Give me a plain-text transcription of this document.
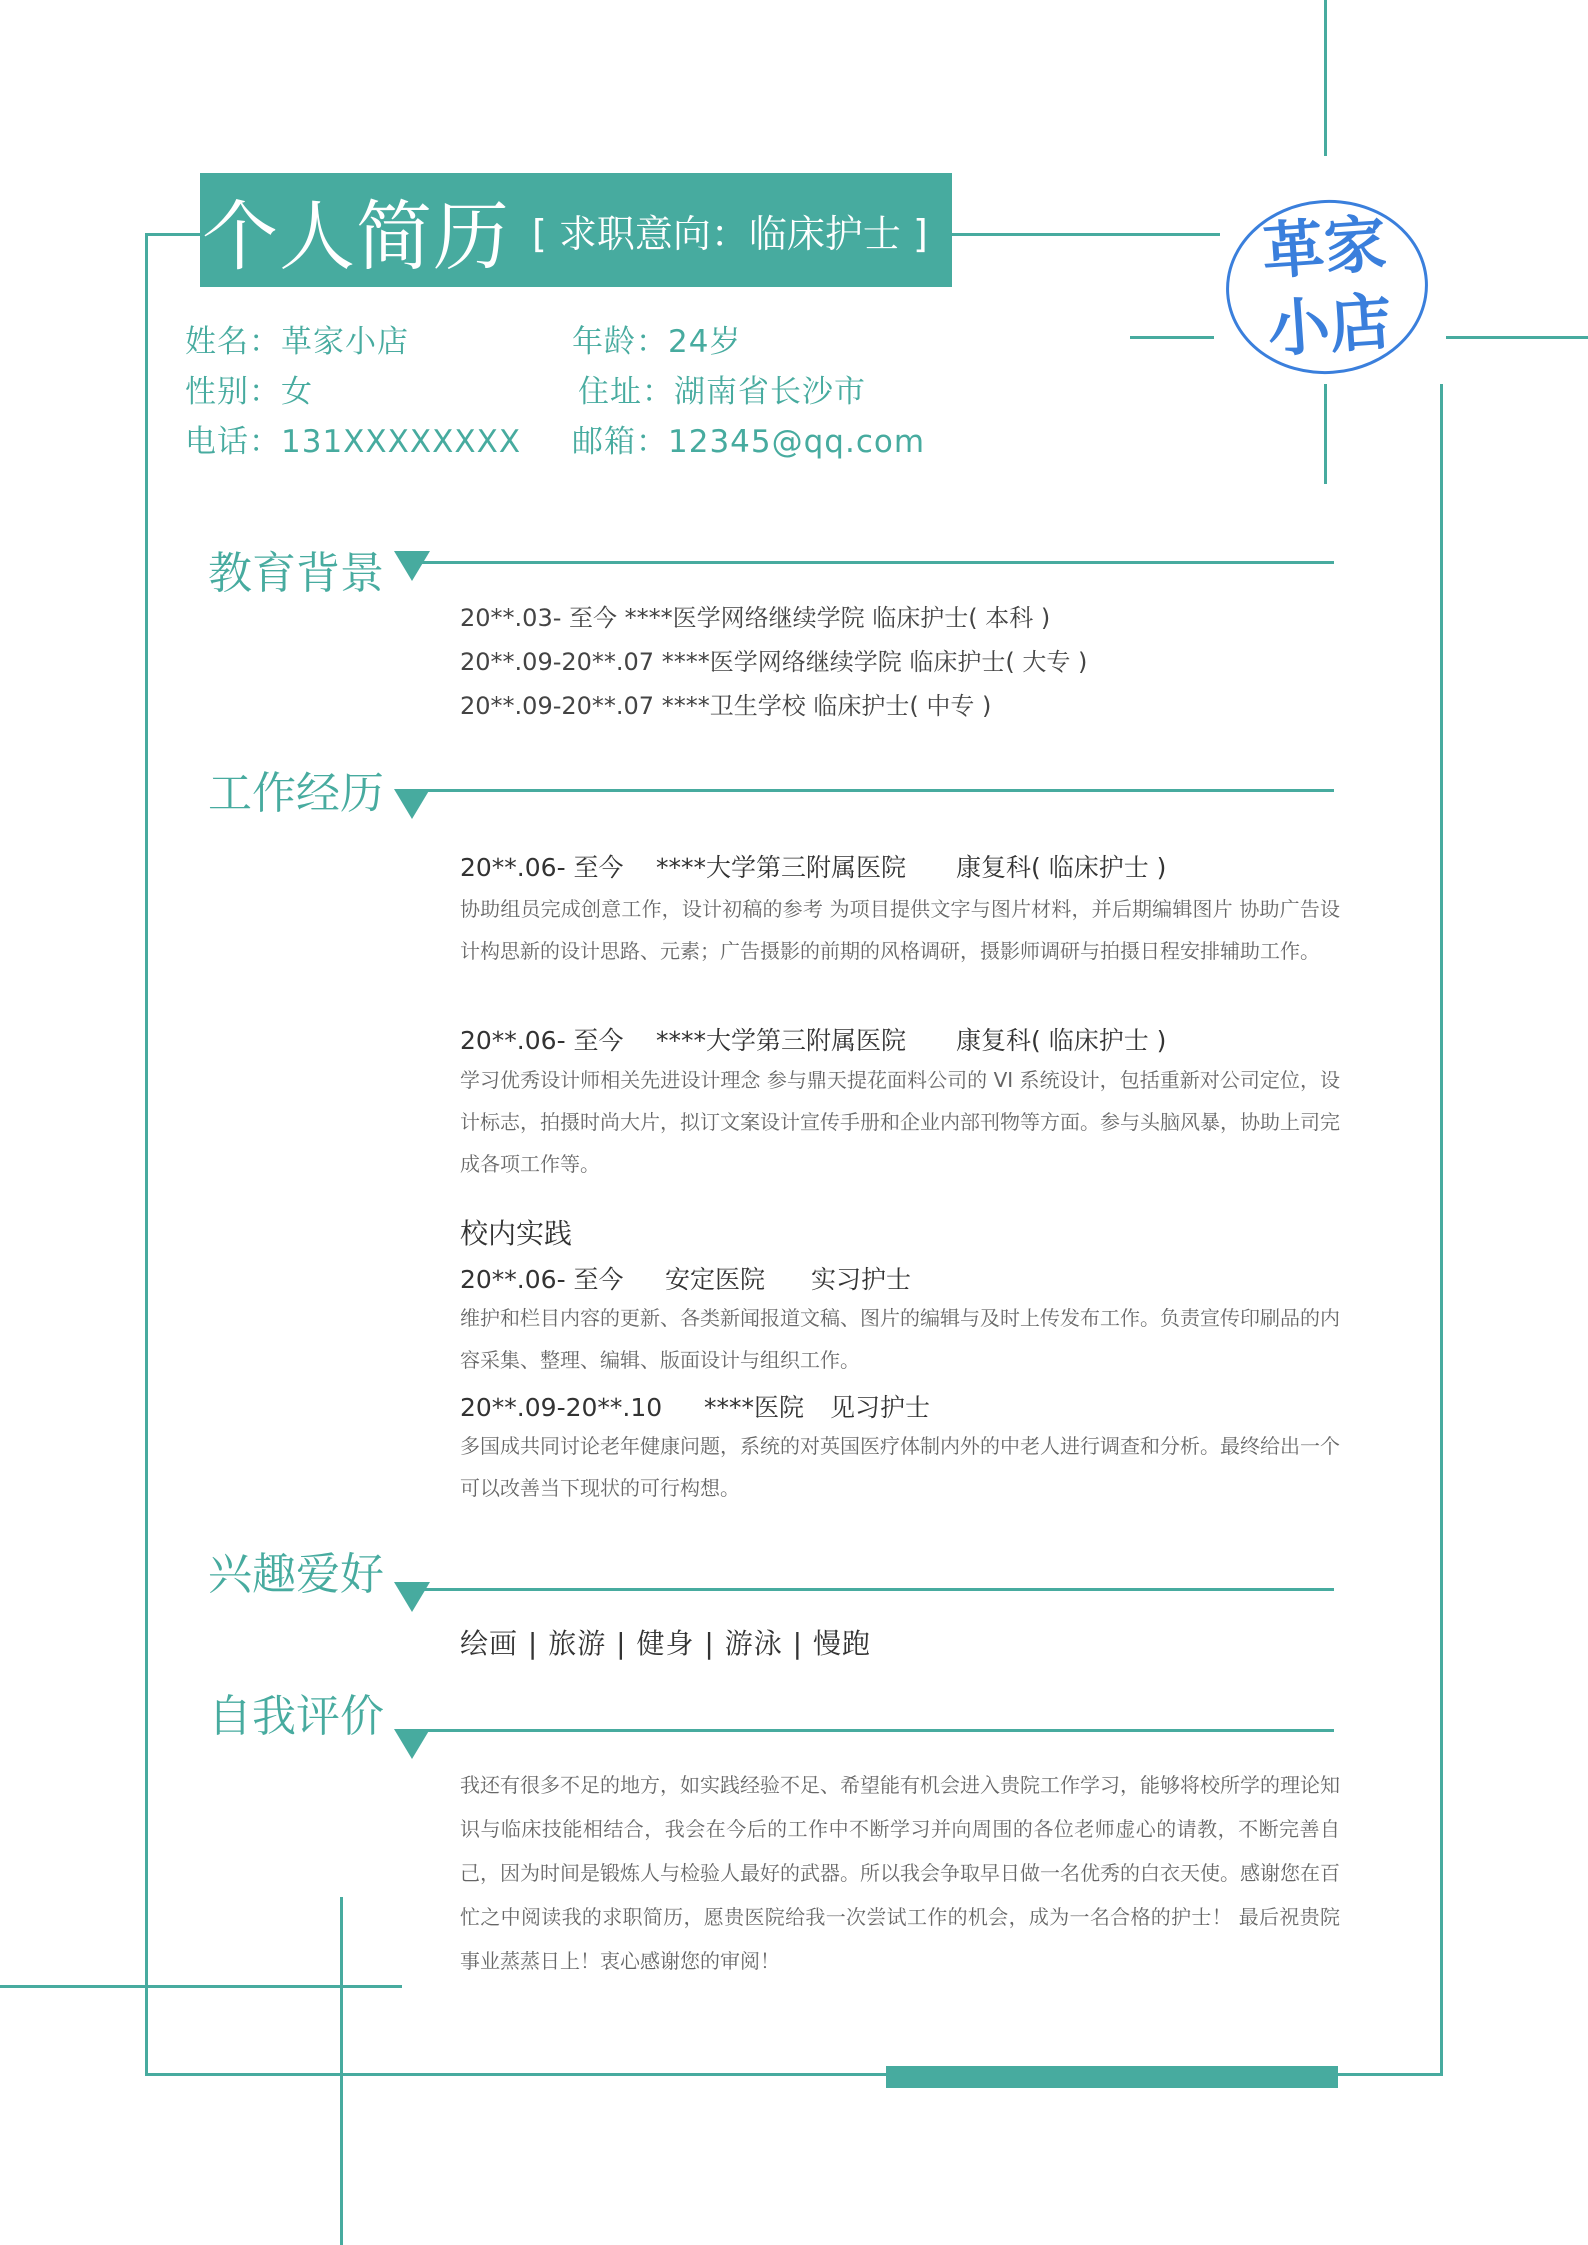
个人简历 [ 求职意向：临床护士 ]	革家
小店
姓名：革家小店	年龄：24岁
性别：女	住址：湖南省长沙市
电话：131XXXXXXXX 邮箱：12345@qq.com
教育背景
20**.03- 至今 ****医学网络继续学院 临床护士( 本科 )
20**.09-20**.07 ****医学网络继续学院 临床护士( 大专 )
20**.09-20**.07 ****卫生学校 临床护士( 中专 )
工作经历
20**.06- 至今 ****大学第三附属医院 康复科( 临床护士 )
协助组员完成创意工作，设计初稿的参考 为项目提供文字与图片材料，并后期编辑图片 协助广告设计构思新的设计思路、元素；广告摄影的前期的风格调研，摄影师调研与拍摄日程安排辅助工作。
20**.06- 至今 ****大学第三附属医院 康复科( 临床护士 )
学习优秀设计师相关先进设计理念 参与鼎天提花面料公司的 VI 系统设计，包括重新对公司定位，设计标志，拍摄时尚大片，拟订文案设计宣传手册和企业内部刊物等方面。参与头脑风暴，协助上司完成各项工作等。
校内实践
20**.06- 至今 安定医院 实习护士
维护和栏目内容的更新、各类新闻报道文稿、图片的编辑与及时上传发布工作。负责宣传印刷品的内容采集、整理、编辑、版面设计与组织工作。
20**.09-20**.10 ****医院 见习护士
多国成共同讨论老年健康问题，系统的对英国医疗体制内外的中老人进行调查和分析。最终给出一个可以改善当下现状的可行构想。
兴趣爱好
绘画 | 旅游 | 健身 | 游泳 | 慢跑
自我评价
我还有很多不足的地方，如实践经验不足、希望能有机会进入贵院工作学习，能够将校所学的理论知识与临床技能相结合，我会在今后的工作中不断学习并向周围的各位老师虚心的请教，不断完善自己，因为时间是锻炼人与检验人最好的武器。所以我会争取早日做一名优秀的白衣天使。感谢您在百忙之中阅读我的求职简历，愿贵医院给我一次尝试工作的机会，成为一名合格的护士！ 最后祝贵院事业蒸蒸日上！衷心感谢您的审阅！
